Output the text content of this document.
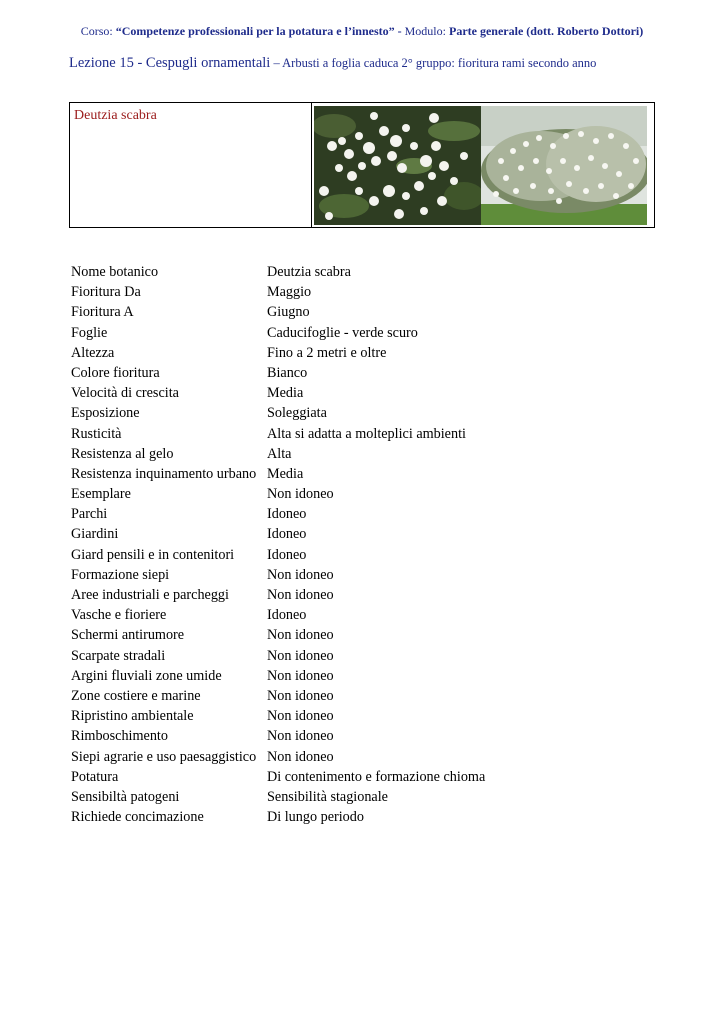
Corso: “Competenze professionali per la potatura e l’innesto” - Modulo: Parte generale (dott. Roberto Dottori)
Lezione 15 - Cespugli ornamentali – Arbusti a foglia caduca 2° gruppo: fioritura rami secondo anno
Deutzia scabra
Nome botanico	Deutzia scabra
Fioritura Da	Maggio
Fioritura A	Giugno
Foglie	Caducifoglie - verde scuro
Altezza	Fino a 2 metri e oltre
Colore fioritura	Bianco
Velocità di crescita	Media
Esposizione	Soleggiata
Rusticità	Alta si adatta a molteplici ambienti
Resistenza al gelo	Alta
Resistenza inquinamento urbano Media
Esemplare	Non idoneo
Parchi	Idoneo
Giardini	Idoneo
Giard pensili e in contenitori	Idoneo
Formazione siepi	Non idoneo
Aree industriali e parcheggi	Non idoneo
Vasche e fioriere	Idoneo
Schermi antirumore	Non idoneo
Scarpate stradali	Non idoneo
Argini fluviali zone umide	Non idoneo
Zone costiere e marine	Non idoneo
Ripristino ambientale	Non idoneo
Rimboschimento	Non idoneo
Siepi agrarie e uso paesaggistico Non idoneo
Potatura	Di contenimento e formazione chioma
Sensibiltà patogeni	Sensibilità stagionale
Richiede concimazione	Di lungo periodo
